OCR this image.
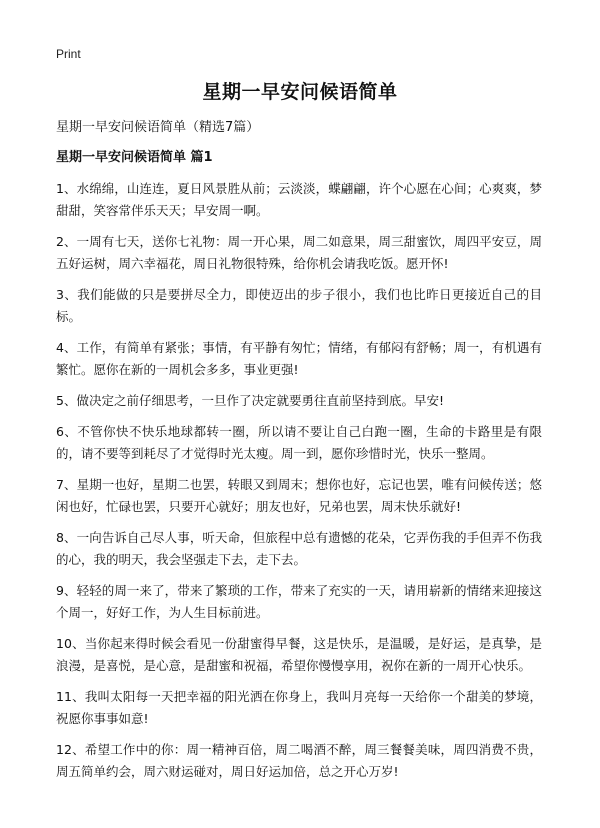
Print
星期一早安问候语简单

星期一早安问候语简单（精选7篇）

星期一早安问候语简单 篇1

1、水绵绵，山连连，夏日风景胜从前；云淡淡，蝶翩翩，许个心愿在心间；心爽爽，梦甜甜，笑容常伴乐天天；早安周一啊。
2、一周有七天，送你七礼物：周一开心果，周二如意果，周三甜蜜饮，周四平安豆，周五好运树，周六幸福花，周日礼物很特殊，给你机会请我吃饭。愿开怀!
3、我们能做的只是要拼尽全力，即使迈出的步子很小，我们也比昨日更接近自己的目标。
4、工作，有简单有紧张；事情，有平静有匆忙；情绪，有郁闷有舒畅；周一，有机遇有繁忙。愿你在新的一周机会多多，事业更强!
5、做决定之前仔细思考，一旦作了决定就要勇往直前坚持到底。早安!
6、不管你快不快乐地球都转一圈，所以请不要让自己白跑一圈，生命的卡路里是有限的，请不要等到耗尽了才觉得时光太瘦。周一到，愿你珍惜时光，快乐一整周。
7、星期一也好，星期二也罢，转眼又到周末；想你也好，忘记也罢，唯有问候传送；悠闲也好，忙碌也罢，只要开心就好；朋友也好，兄弟也罢，周末快乐就好!
8、一向告诉自己尽人事，听天命，但旅程中总有遗憾的花朵，它弄伤我的手但弄不伤我的心，我的明天，我会坚强走下去，走下去。
9、轻轻的周一来了，带来了繁琐的工作，带来了充实的一天，请用崭新的情绪来迎接这个周一，好好工作，为人生目标前进。
10、当你起来得时候会看见一份甜蜜得早餐，这是快乐，是温暖，是好运，是真挚，是浪漫，是喜悦，是心意，是甜蜜和祝福，希望你慢慢享用，祝你在新的一周开心快乐。
11、我叫太阳每一天把幸福的阳光洒在你身上，我叫月亮每一天给你一个甜美的梦境，祝愿你事事如意!
12、希望工作中的你：周一精神百倍，周二喝酒不醉，周三餐餐美味，周四消费不贵，周五简单约会，周六财运碰对，周日好运加倍，总之开心万岁!
